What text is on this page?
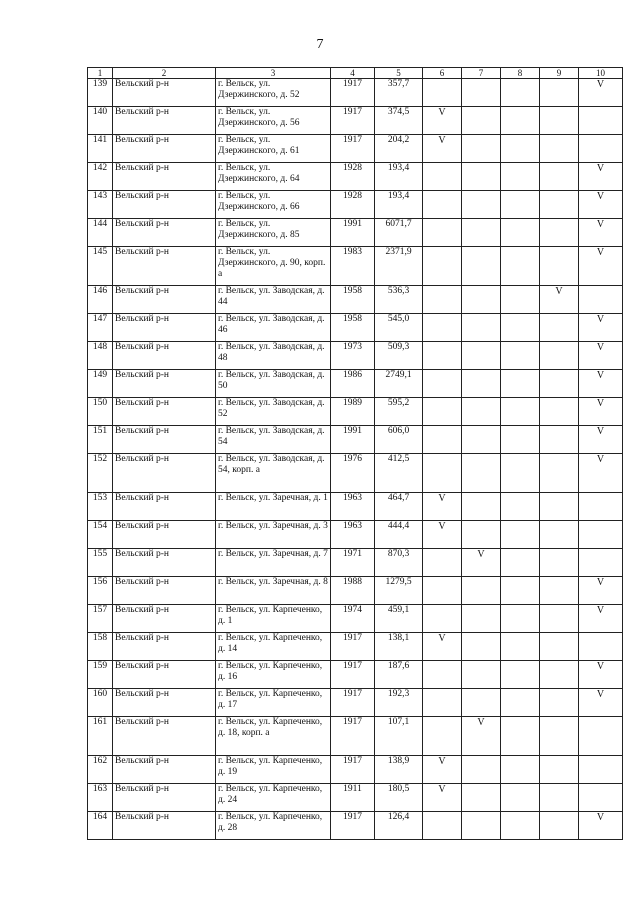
7
1	2	3	4	5	6	7	8	9	10
139	Вельский р-н	г. Вельск, ул. Дзержинского, д. 52	1917	357,7					V
140	Вельский р-н	г. Вельск, ул. Дзержинского, д. 56	1917	374,5	V				
141	Вельский р-н	г. Вельск, ул. Дзержинского, д. 61	1917	204,2	V				
142	Вельский р-н	г. Вельск, ул. Дзержинского, д. 64	1928	193,4					V
143	Вельский р-н	г. Вельск, ул. Дзержинского, д. 66	1928	193,4					V
144	Вельский р-н	г. Вельск, ул. Дзержинского, д. 85	1991	6071,7					V
145	Вельский р-н	г. Вельск, ул. Дзержинского, д. 90, корп. а	1983	2371,9					V
146	Вельский р-н	г. Вельск, ул. Заводская, д. 44	1958	536,3				V	
147	Вельский р-н	г. Вельск, ул. Заводская, д. 46	1958	545,0					V
148	Вельский р-н	г. Вельск, ул. Заводская, д. 48	1973	509,3					V
149	Вельский р-н	г. Вельск, ул. Заводская, д. 50	1986	2749,1					V
150	Вельский р-н	г. Вельск, ул. Заводская, д. 52	1989	595,2					V
151	Вельский р-н	г. Вельск, ул. Заводская, д. 54	1991	606,0					V
152	Вельский р-н	г. Вельск, ул. Заводская, д. 54, корп. а	1976	412,5					V
153	Вельский р-н	г. Вельск, ул. Заречная, д. 1	1963	464,7	V				
154	Вельский р-н	г. Вельск, ул. Заречная, д. 3	1963	444,4	V				
155	Вельский р-н	г. Вельск, ул. Заречная, д. 7	1971	870,3		V			
156	Вельский р-н	г. Вельск, ул. Заречная, д. 8	1988	1279,5					V
157	Вельский р-н	г. Вельск, ул. Карпеченко, д. 1	1974	459,1					V
158	Вельский р-н	г. Вельск, ул. Карпеченко, д. 14	1917	138,1	V				
159	Вельский р-н	г. Вельск, ул. Карпеченко, д. 16	1917	187,6					V
160	Вельский р-н	г. Вельск, ул. Карпеченко, д. 17	1917	192,3					V
161	Вельский р-н	г. Вельск, ул. Карпеченко, д. 18, корп. а	1917	107,1		V			
162	Вельский р-н	г. Вельск, ул. Карпеченко, д. 19	1917	138,9	V				
163	Вельский р-н	г. Вельск, ул. Карпеченко, д. 24	1911	180,5	V				
164	Вельский р-н	г. Вельск, ул. Карпеченко, д. 28	1917	126,4					V
